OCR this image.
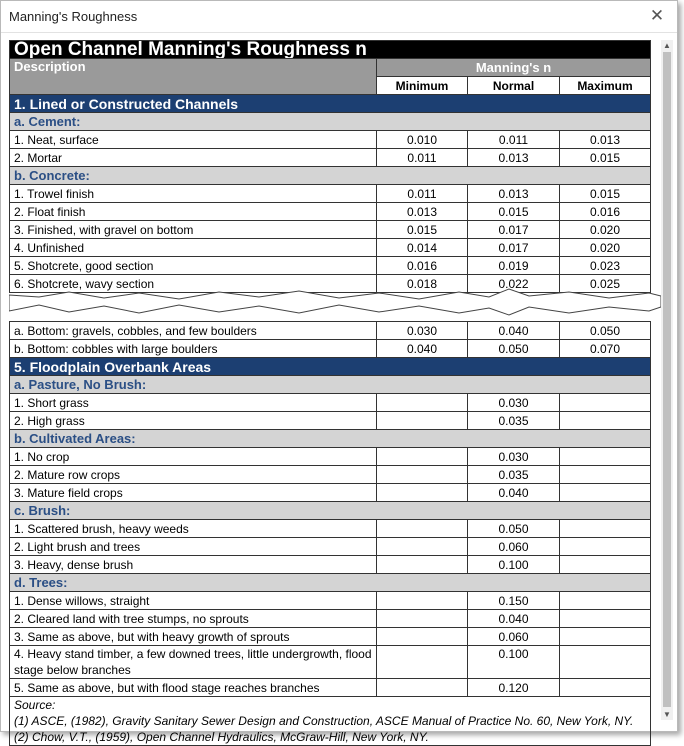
Manning's Roughness	✕
Open Channel Manning's Roughness n			
Description	Manning's n		
	Minimum	Normal	Maximum
1. Lined or Constructed Channels			
a. Cement:			
1. Neat, surface	0.010	0.011	0.013
2. Mortar	0.011	0.013	0.015
b. Concrete:			
1. Trowel finish	0.011	0.013	0.015
2. Float finish	0.013	0.015	0.016
3. Finished, with gravel on bottom	0.015	0.017	0.020
4. Unfinished	0.014	0.017	0.020
5. Shotcrete, good section	0.016	0.019	0.023
6. Shotcrete, wavy section	0.018	0.022	0.025
a. Bottom: gravels, cobbles, and few boulders	0.030	0.040	0.050
b. Bottom: cobbles with large boulders	0.040	0.050	0.070
5. Floodplain Overbank Areas			
a. Pasture, No Brush:			
1. Short grass		0.030	
2. High grass		0.035	
b. Cultivated Areas:			
1. No crop		0.030	
2. Mature row crops		0.035	
3. Mature field crops		0.040	
c. Brush:			
1. Scattered brush, heavy weeds		0.050	
2. Light brush and trees		0.060	
3. Heavy, dense brush		0.100	
d. Trees:			
1. Dense willows, straight		0.150	
2. Cleared land with tree stumps, no sprouts		0.040	
3. Same as above, but with heavy growth of sprouts		0.060	
4. Heavy stand timber, a few downed trees, little undergrowth, flood stage below branches		0.100	
5. Same as above, but with flood stage reaches branches		0.120	

Source:
(1) ASCE, (1982), Gravity Sanitary Sewer Design and Construction, ASCE Manual of Practice No. 60, New York, NY.
(2) Chow, V.T., (1959), Open Channel Hydraulics, McGraw-Hill, New York, NY.			
▲
▼
